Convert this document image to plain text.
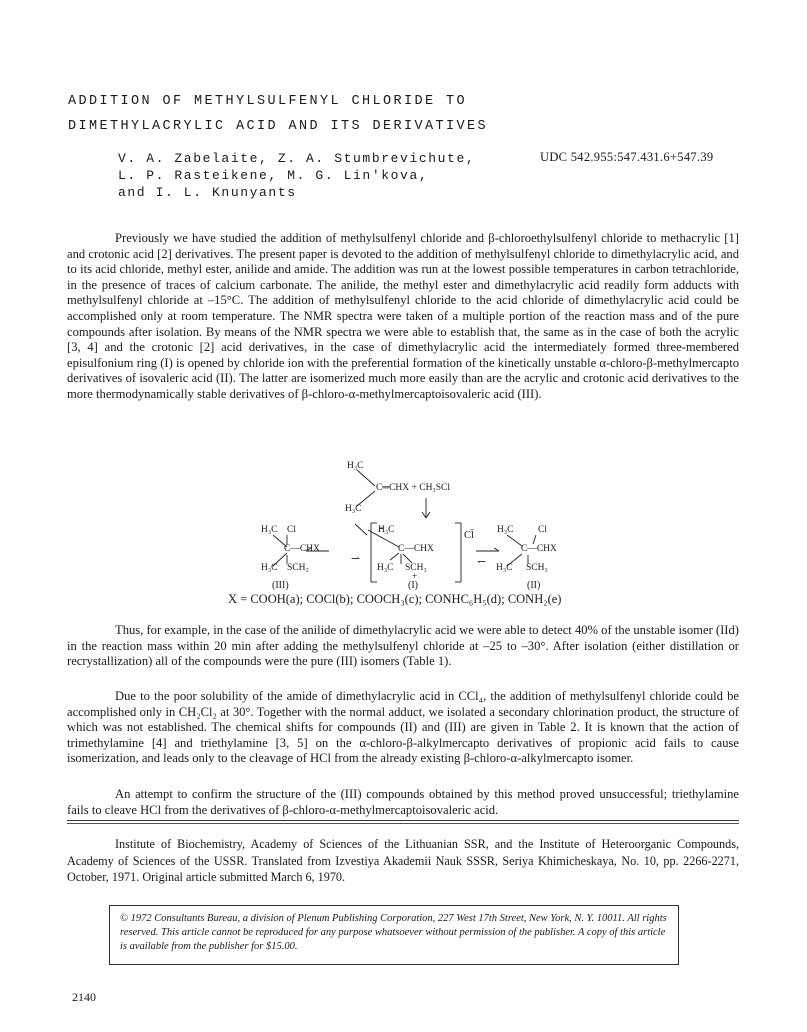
ADDITION OF METHYLSULFENYL CHLORIDE TO
DIMETHYLACRYLIC ACID AND ITS DERIVATIVES
V. A. Zabelaite, Z. A. Stumbrevichute,
L. P. Rasteikene, M. G. Lin'kova,
and I. L. Knunyants
UDC 542.955:547.431.6+547.39

Previously we have studied the addition of methylsulfenyl chloride and β-chloroethylsulfenyl chloride to methacrylic [1] and crotonic acid [2] derivatives. The present paper is devoted to the addition of methylsulfenyl chloride to dimethylacrylic acid, and to its acid chloride, methyl ester, anilide and amide. The addition was run at the lowest possible temperatures in carbon tetrachloride, in the presence of traces of calcium carbonate. The anilide, the methyl ester and dimethylacrylic acid readily form adducts with methylsulfenyl chloride at –15°C. The addition of methylsulfenyl chloride to the acid chloride of dimethylacrylic acid could be accomplished only at room temperature. The NMR spectra were taken of a multiple portion of the reaction mass and of the pure compounds after isolation. By means of the NMR spectra we were able to establish that, the same as in the case of both the acrylic [3, 4] and the crotonic [2] acid derivatives, in the case of dimethylacrylic acid the intermediately formed three-membered episulfonium ring (I) is opened by chloride ion with the preferential formation of the kinetically unstable α-chloro-β-methylmercapto derivatives of isovaleric acid (II). The latter are isomerized much more easily than are the acrylic and crotonic acid derivatives to the more thermodynamically stable derivatives of β-chloro-α-methylmercaptoisovaleric acid (III).

H₃C
C═CHX + CH₃SCl
H₃C
H₃C Cl
C—CHX
H₃C SCH₃
H₃C
C—CHX
H₃C SCH₃
+
Cl̄ H₃C	Cl
C—CHX
H₃C SCH₃
⇀	↽
(III)	(I)	(II)
X = COOH(a); COCl(b); COOCH₃(c); CONHC₆H₅(d); CONH₂(e)

Thus, for example, in the case of the anilide of dimethylacrylic acid we were able to detect 40% of the unstable isomer (IId) in the reaction mass within 20 min after adding the methylsulfenyl chloride at –25 to –30°. After isolation (either distillation or recrystallization) all of the compounds were the pure (III) isomers (Table 1).

Due to the poor solubility of the amide of dimethylacrylic acid in CCl₄, the addition of methylsulfenyl chloride could be accomplished only in CH₂Cl₂ at 30°. Together with the normal adduct, we isolated a secondary chlorination product, the structure of which was not established. The chemical shifts for compounds (II) and (III) are given in Table 2. It is known that the action of trimethylamine [4] and triethylamine [3, 5] on the α-chloro-β-alkylmercapto derivatives of propionic acid fails to cause isomerization, and leads only to the cleavage of HCl from the already existing β-chloro-α-alkylmercapto isomer.

An attempt to confirm the structure of the (III) compounds obtained by this method proved unsuccessful; triethylamine fails to cleave HCl from the derivatives of β-chloro-α-methylmercaptoisovaleric acid.

Institute of Biochemistry, Academy of Sciences of the Lithuanian SSR, and the Institute of Heteroorganic Compounds, Academy of Sciences of the USSR. Translated from Izvestiya Akademii Nauk SSSR, Seriya Khimicheskaya, No. 10, pp. 2266-2271, October, 1971. Original article submitted March 6, 1970.

© 1972 Consultants Bureau, a division of Plenum Publishing Corporation, 227 West 17th Street, New York, N. Y. 10011. All rights reserved. This article cannot be reproduced for any purpose whatsoever without permission of the publisher. A copy of this article is available from the publisher for $15.00.
2140
